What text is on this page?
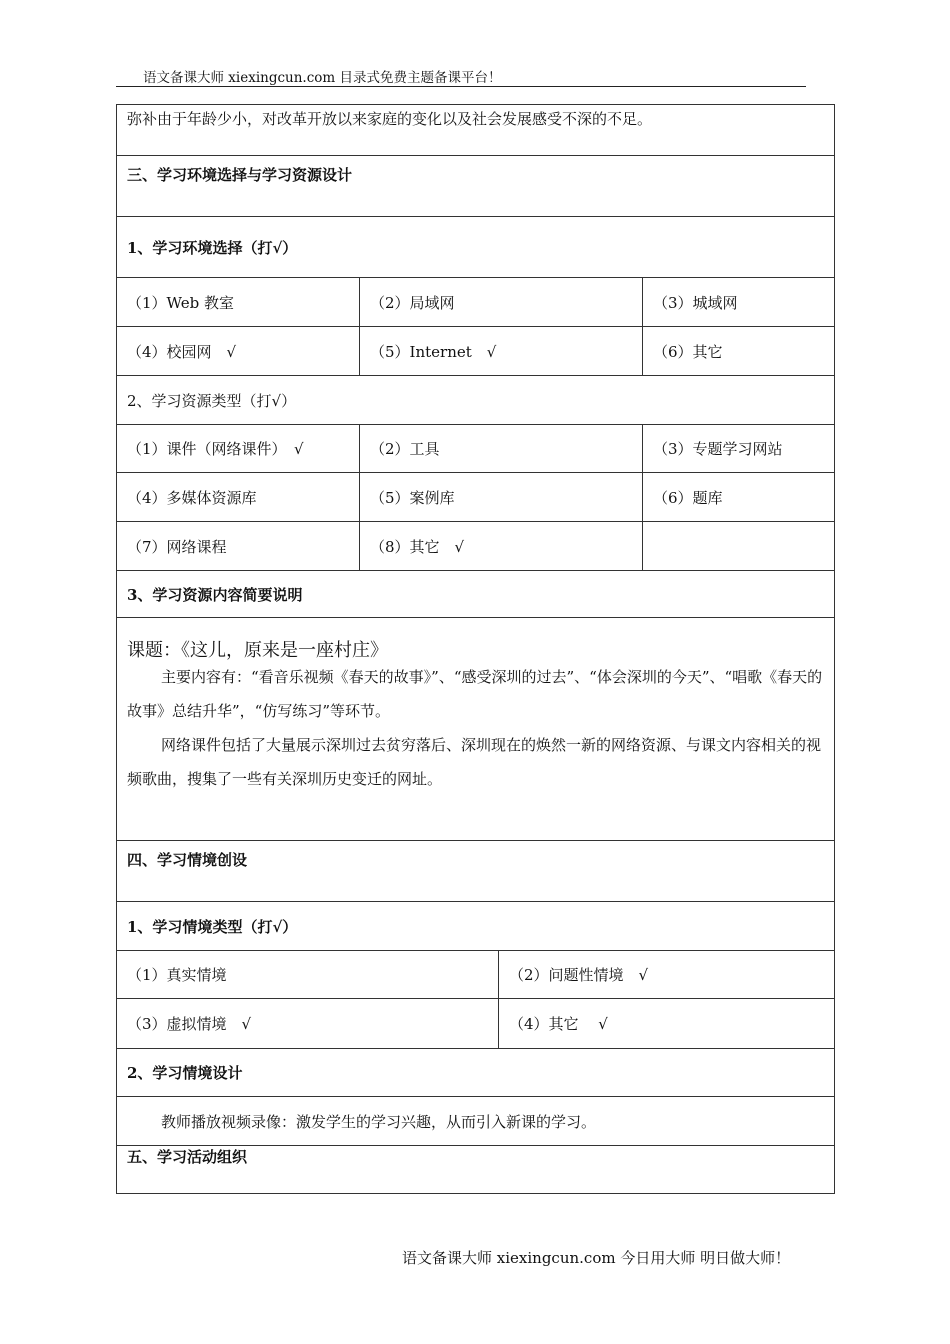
语文备课大师 xiexingcun.com 目录式免费主题备课平台！
弥补由于年龄少小，对改革开放以来家庭的变化以及社会发展感受不深的不足。			
三、学习环境选择与学习资源设计			
1、学习环境选择（打√）			
（1）Web 教室	（2）局域网		（3）城域网
（4）校园网　√	（5）Internet　√		（6）其它
2、学习资源类型（打√）			
（1）课件（网络课件）　√	（2）工具		（3）专题学习网站
（4）多媒体资源库	（5）案例库		（6）题库
（7）网络课程	（8）其它　√		
3、学习资源内容简要说明			

课题：《这儿，原来是一座村庄》
主要内容有：“看音乐视频《春天的故事》”、“感受深圳的过去”、“体会深圳的今天”、“唱歌《春天的故事》总结升华”，“仿写练习”等环节。
网络课件包括了大量展示深圳过去贫穷落后、深圳现在的焕然一新的网络资源、与课文内容相关的视频歌曲，搜集了一些有关深圳历史变迁的网址。			

四、学习情境创设			
1、学习情境类型（打√）			
（1）真实情境		（2）问题性情境　√	
（3）虚拟情境　√		（4）其它　 √	
2、学习情境设计			
教师播放视频录像：激发学生的学习兴趣，从而引入新课的学习。			
五、学习活动组织			
语文备课大师 xiexingcun.com 今日用大师 明日做大师！
